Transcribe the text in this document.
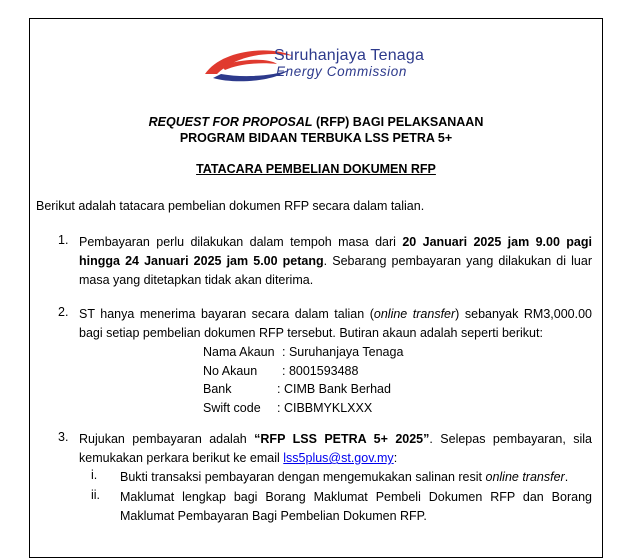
Suruhanjaya Tenaga
Energy Commission
REQUEST FOR PROPOSAL (RFP) BAGI PELAKSANAAN
PROGRAM BIDAAN TERBUKA LSS PETRA 5+
TATACARA PEMBELIAN DOKUMEN RFP
Berikut adalah tatacara pembelian dokumen RFP secara dalam talian.
1. Pembayaran perlu dilakukan dalam tempoh masa dari 20 Januari 2025 jam 9.00 pagi hingga 24 Januari 2025 jam 5.00 petang. Sebarang pembayaran yang dilakukan di luar masa yang ditetapkan tidak akan diterima.
2. ST hanya menerima bayaran secara dalam talian (online transfer) sebanyak RM3,000.00 bagi setiap pembelian dokumen RFP tersebut. Butiran akaun adalah seperti berikut:
Nama Akaun : Suruhanjaya Tenaga
No Akaun : 8001593488
Bank	: CIMB Bank Berhad
Swift code : CIBBMYKLXXX
3. Rujukan pembayaran adalah “RFP LSS PETRA 5+ 2025”. Selepas pembayaran, sila kemukakan perkara berikut ke email lss5plus@st.gov.my:
i. Bukti transaksi pembayaran dengan mengemukakan salinan resit online transfer.
ii. Maklumat lengkap bagi Borang Maklumat Pembeli Dokumen RFP dan Borang Maklumat Pembayaran Bagi Pembelian Dokumen RFP.
